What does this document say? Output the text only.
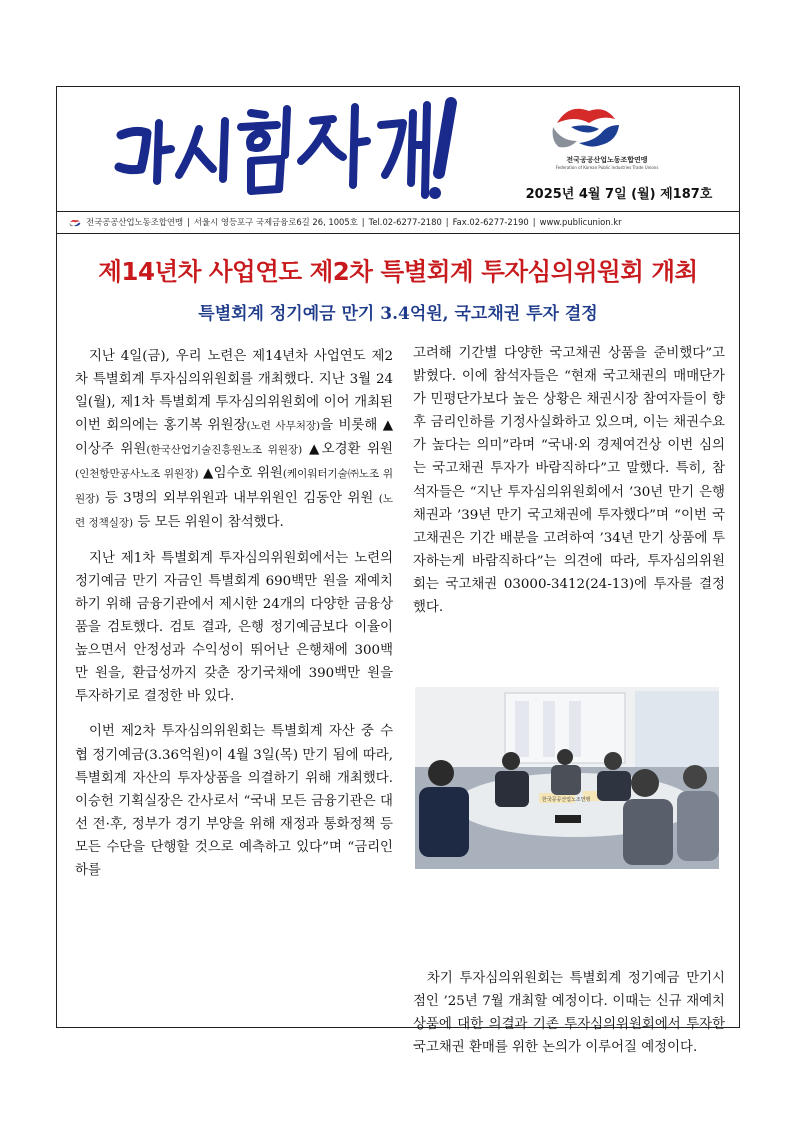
전국공공산업노동조합연맹
Federation of Korean Public Industries Trade Unions
2025년 4월 7일 (월) 제187호
전국공공산업노동조합연맹 | 서울시 영등포구 국제금융로6길 26, 1005호 | Tel.02-6277-2180 | Fax.02-6277-2190 | www.publicunion.kr
제14년차 사업연도 제2차 특별회계 투자심의위원회 개최
특별회계 정기예금 만기 3.4억원, 국고채권 투자 결정

지난 4일(금), 우리 노련은 제14년차 사업연도 제2차 특별회계 투자심의위원회를 개최했다. 지난 3월 24일(월), 제1차 특별회계 투자심의위원회에 이어 개최된 이번 회의에는 홍기복 위원장(노련 사무처장)을 비롯해 ▲이상주 위원(한국산업기술진흥원노조 위원장) ▲오경환 위원(인천항만공사노조 위원장) ▲임수호 위원(케이워터기술㈜노조 위원장) 등 3명의 외부위원과 내부위원인 김동안 위원 (노련 정책실장) 등 모든 위원이 참석했다.

지난 제1차 특별회계 투자심의위원회에서는 노련의 정기예금 만기 자금인 특별회계 690백만 원을 재예치하기 위해 금융기관에서 제시한 24개의 다양한 금융상품을 검토했다. 검토 결과, 은행 정기예금보다 이율이 높으면서 안정성과 수익성이 뛰어난 은행채에 300백만 원을, 환급성까지 갖춘 장기국채에 390백만 원을 투자하기로 결정한 바 있다.

이번 제2차 투자심의위원회는 특별회계 자산 중 수협 정기예금(3.36억원)이 4월 3일(목) 만기 됨에 따라, 특별회계 자산의 투자상품을 의결하기 위해 개최했다. 이승헌 기획실장은 간사로서 “국내 모든 금융기관은 대선 전·후, 정부가 경기 부양을 위해 재정과 통화정책 등 모든 수단을 단행할 것으로 예측하고 있다”며 “금리인하를

고려해 기간별 다양한 국고채권 상품을 준비했다”고 밝혔다. 이에 참석자들은 “현재 국고채권의 매매단가가 민평단가보다 높은 상황은 채권시장 참여자들이 향후 금리인하를 기정사실화하고 있으며, 이는 채권수요가 높다는 의미”라며 “국내·외 경제여건상 이번 심의는 국고채권 투자가 바람직하다”고 말했다. 특히, 참석자들은 “지난 투자심의위원회에서 ’30년 만기 은행채권과 ’39년 만기 국고채권에 투자했다”며 “이번 국고채권은 기간 배분을 고려하여 ’34년 만기 상품에 투자하는게 바람직하다”는 의견에 따라, 투자심의위원회는 국고채권 03000-3412(24-13)에 투자를 결정했다.

한국공공산업노조연맹

차기 투자심의위원회는 특별회계 정기예금 만기시점인 ’25년 7월 개최할 예정이다. 이때는 신규 재예치 상품에 대한 의결과 기존 투자심의위원회에서 투자한 국고채권 환매를 위한 논의가 이루어질 예정이다.
